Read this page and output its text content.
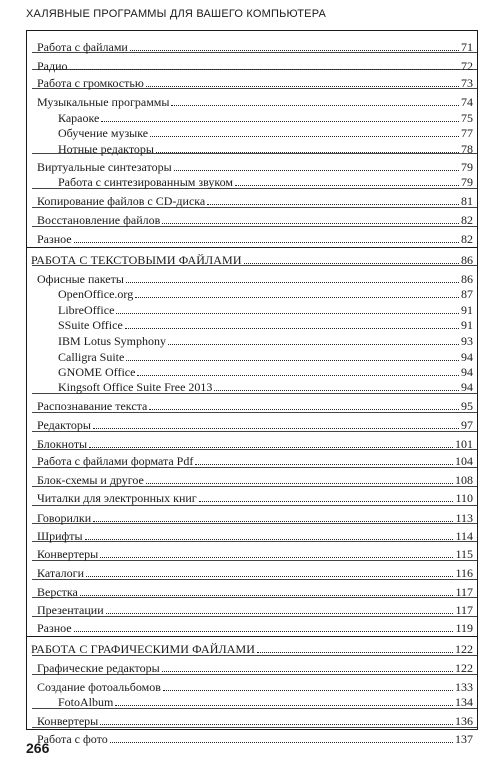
ХАЛЯВНЫЕ ПРОГРАММЫ ДЛЯ ВАШЕГО КОМПЬЮТЕРА
Работа с файлами	71
Радио	72
Работа с громкостью	73
Музыкальные программы	74
Караоке	75
Обучение музыке	77
Нотные редакторы	78
Виртуальные синтезаторы	79
Работа с синтезированным звуком	79
Копирование файлов с CD-диска	81
Восстановление файлов	82
Разное	82
РАБОТА С ТЕКСТОВЫМИ ФАЙЛАМИ	86
Офисные пакеты	86
OpenOffice.org	87
LibreOffice	91
SSuite Office	91
IBM Lotus Symphony	93
Calligra Suite	94
GNOME Office	94
Kingsoft Office Suite Free 2013	94
Распознавание текста	95
Редакторы	97
Блокноты	101
Работа с файлами формата Pdf	104
Блок-схемы и другое	108
Читалки для электронных книг	110
Говорилки	113
Шрифты	114
Конвертеры	115
Каталоги	116
Верстка	117
Презентации	117
Разное	119
РАБОТА С ГРАФИЧЕСКИМИ ФАЙЛАМИ	122
Графические редакторы	122
Создание фотоальбомов	133
FotoAlbum	134
Конвертеры	136
Работа с фото	137
266
